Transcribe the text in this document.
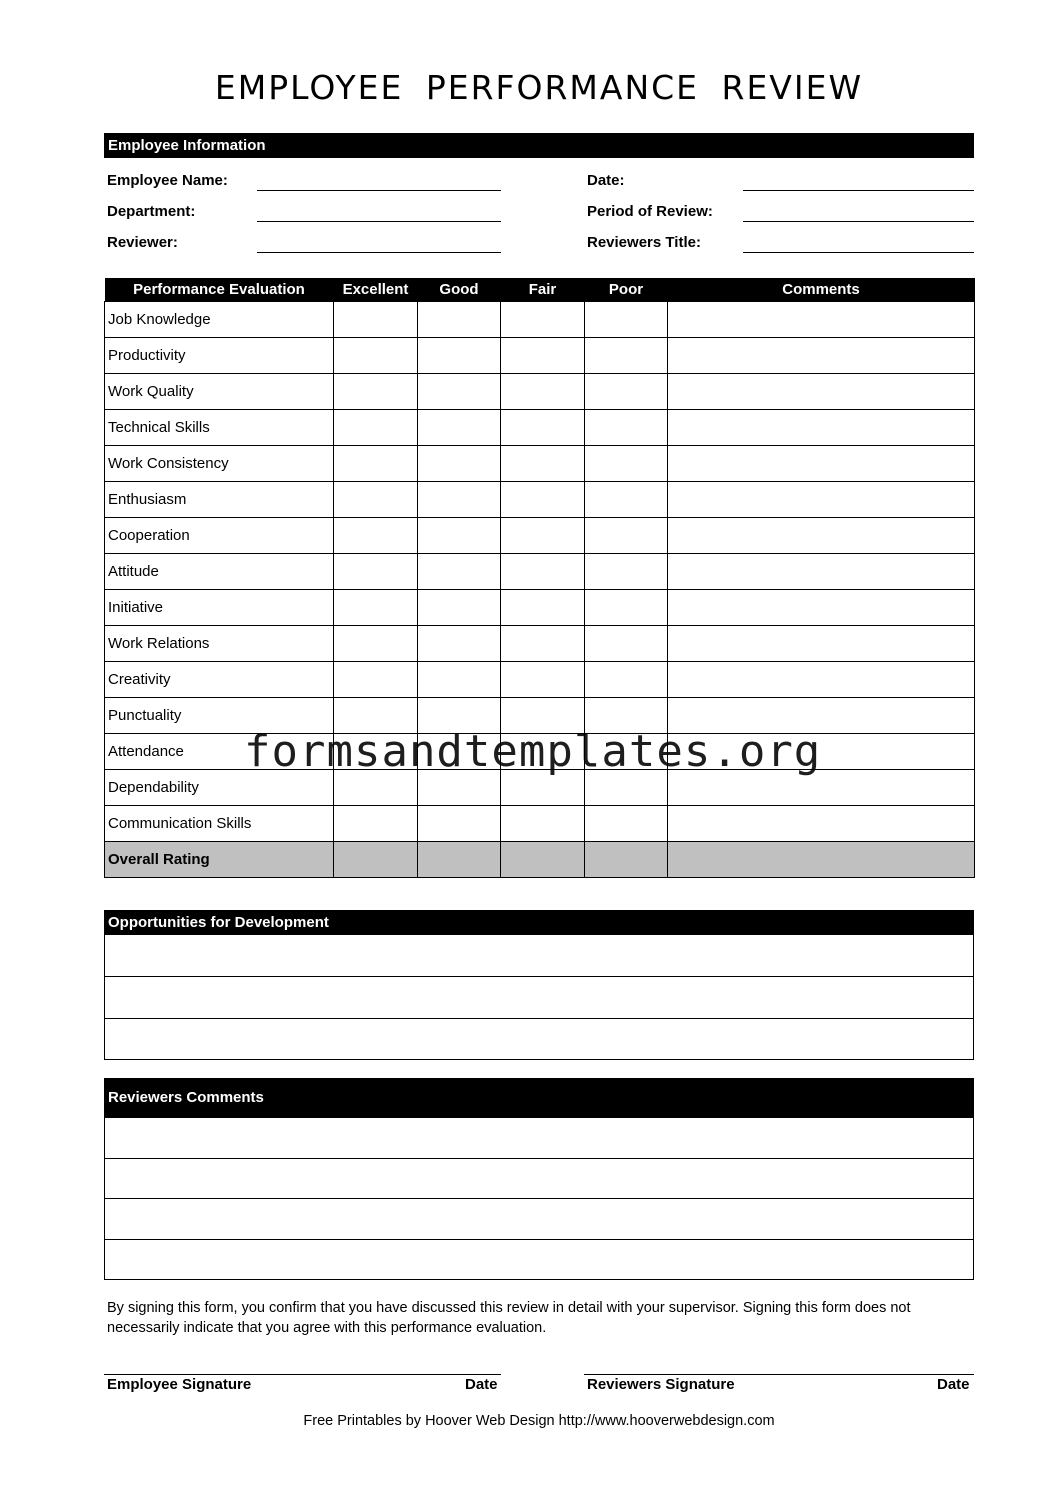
EMPLOYEE PERFORMANCE REVIEW
Employee Information
Employee Name:
Department:
Reviewer:
Date:
Period of Review:
Reviewers Title:
Performance Evaluation	Excellent	Good	Fair	Poor	Comments
Job Knowledge					
Productivity					
Work Quality					
Technical Skills					
Work Consistency					
Enthusiasm					
Cooperation					
Attitude					
Initiative					
Work Relations					
Creativity					
Punctuality					
Attendance					
Dependability					
Communication Skills					
Overall Rating					
formsandtemplates.org
Opportunities for Development
Reviewers Comments
By signing this form, you confirm that you have discussed this review in detail with your supervisor. Signing this form does not necessarily indicate that you agree with this performance evaluation.
Employee Signature	Date	Reviewers Signature	Date
Free Printables by Hoover Web Design http://www.hooverwebdesign.com
